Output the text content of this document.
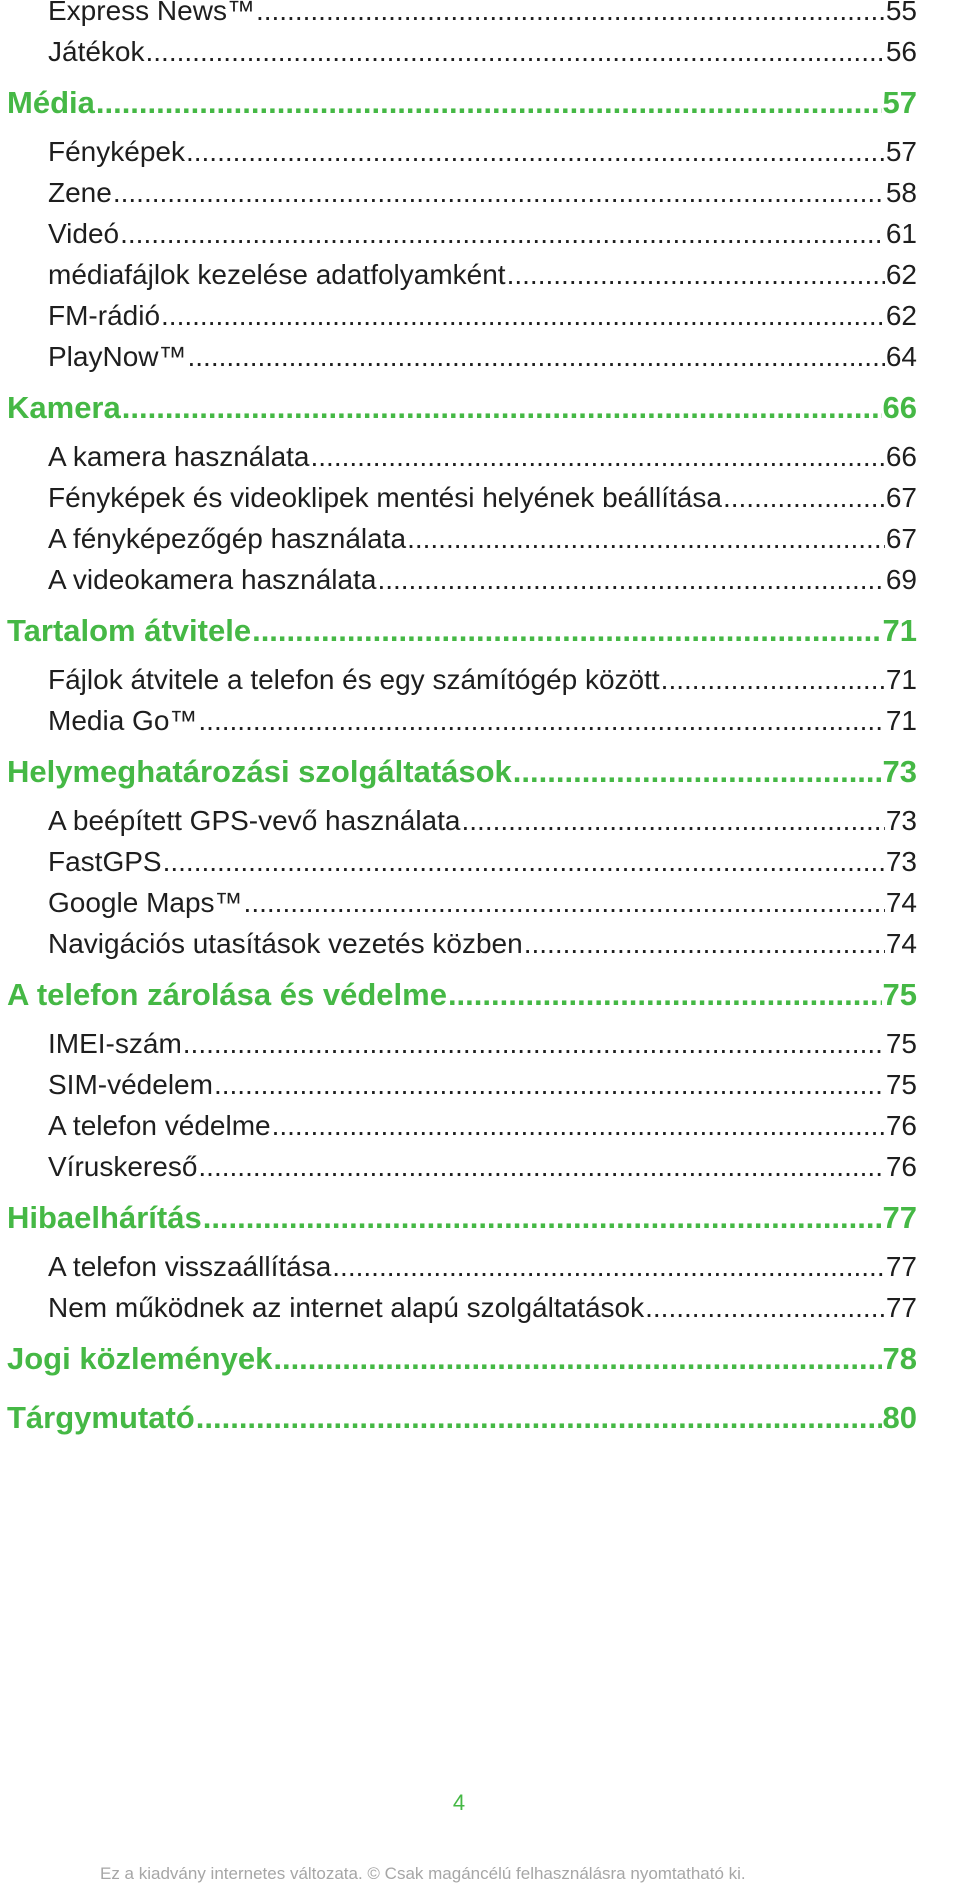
Express News™ .....	55
Játékok .....	56
Média .....	57
Fényképek .....	57
Zene .....	58
Videó .....	61
médiafájlok kezelése adatfolyamként .....	62
FM-rádió .....	62
PlayNow™ .....	64
Kamera .....	66
A kamera használata .....	66
Fényképek és videoklipek mentési helyének beállítása .....	67
A fényképezőgép használata .....	67
A videokamera használata .....	69
Tartalom átvitele .....	71
Fájlok átvitele a telefon és egy számítógép között .....	71
Media Go™ .....	71
Helymeghatározási szolgáltatások .....	73
A beépített GPS-vevő használata .....	73
FastGPS .....	73
Google Maps™ .....	74
Navigációs utasítások vezetés közben .....	74
A telefon zárolása és védelme .....	75
IMEI-szám .....	75
SIM-védelem .....	75
A telefon védelme .....	76
Víruskereső .....	76
Hibaelhárítás .....	77
A telefon visszaállítása .....	77
Nem működnek az internet alapú szolgáltatások .....	77
Jogi közlemények .....	78
Tárgymutató .....	80
4
Ez a kiadvány internetes változata. © Csak magáncélú felhasználásra nyomtatható ki.
